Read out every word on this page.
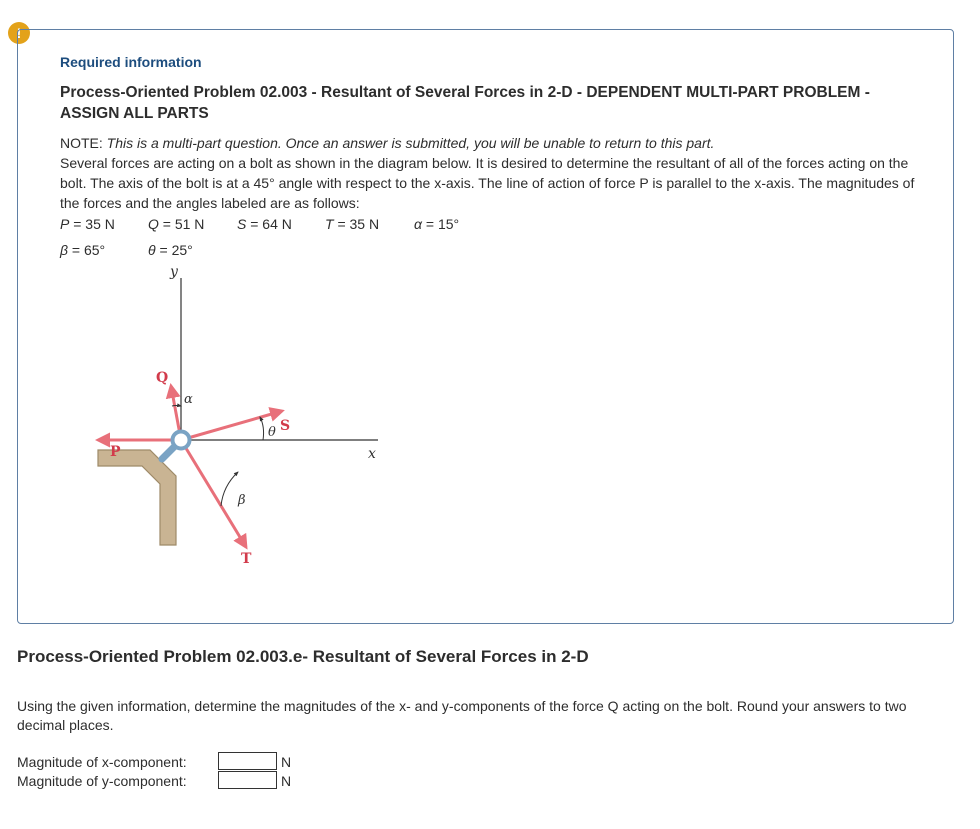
!
Required information
Process-Oriented Problem 02.003 - Resultant of Several Forces in 2-D - DEPENDENT MULTI-PART PROBLEM - ASSIGN ALL PARTS
NOTE: This is a multi-part question. Once an answer is submitted, you will be unable to return to this part.
Several forces are acting on a bolt as shown in the diagram below. It is desired to determine the resultant of all of the forces acting on the bolt. The axis of the bolt is at a 45° angle with respect to the x-axis. The line of action of force P is parallel to the x-axis. The magnitudes of the forces and the angles labeled are as follows:
P = 35 N Q = 51 N S = 64 N T = 35 N α = 15°
β = 65°	θ = 25°
y
x
P
Q
S
T
α
θ
β
Process-Oriented Problem 02.003.e- Resultant of Several Forces in 2-D
Using the given information, determine the magnitudes of the x- and y-components of the force Q acting on the bolt. Round your answers to two decimal places.
Magnitude of x-component:	N
Magnitude of y-component:	N
